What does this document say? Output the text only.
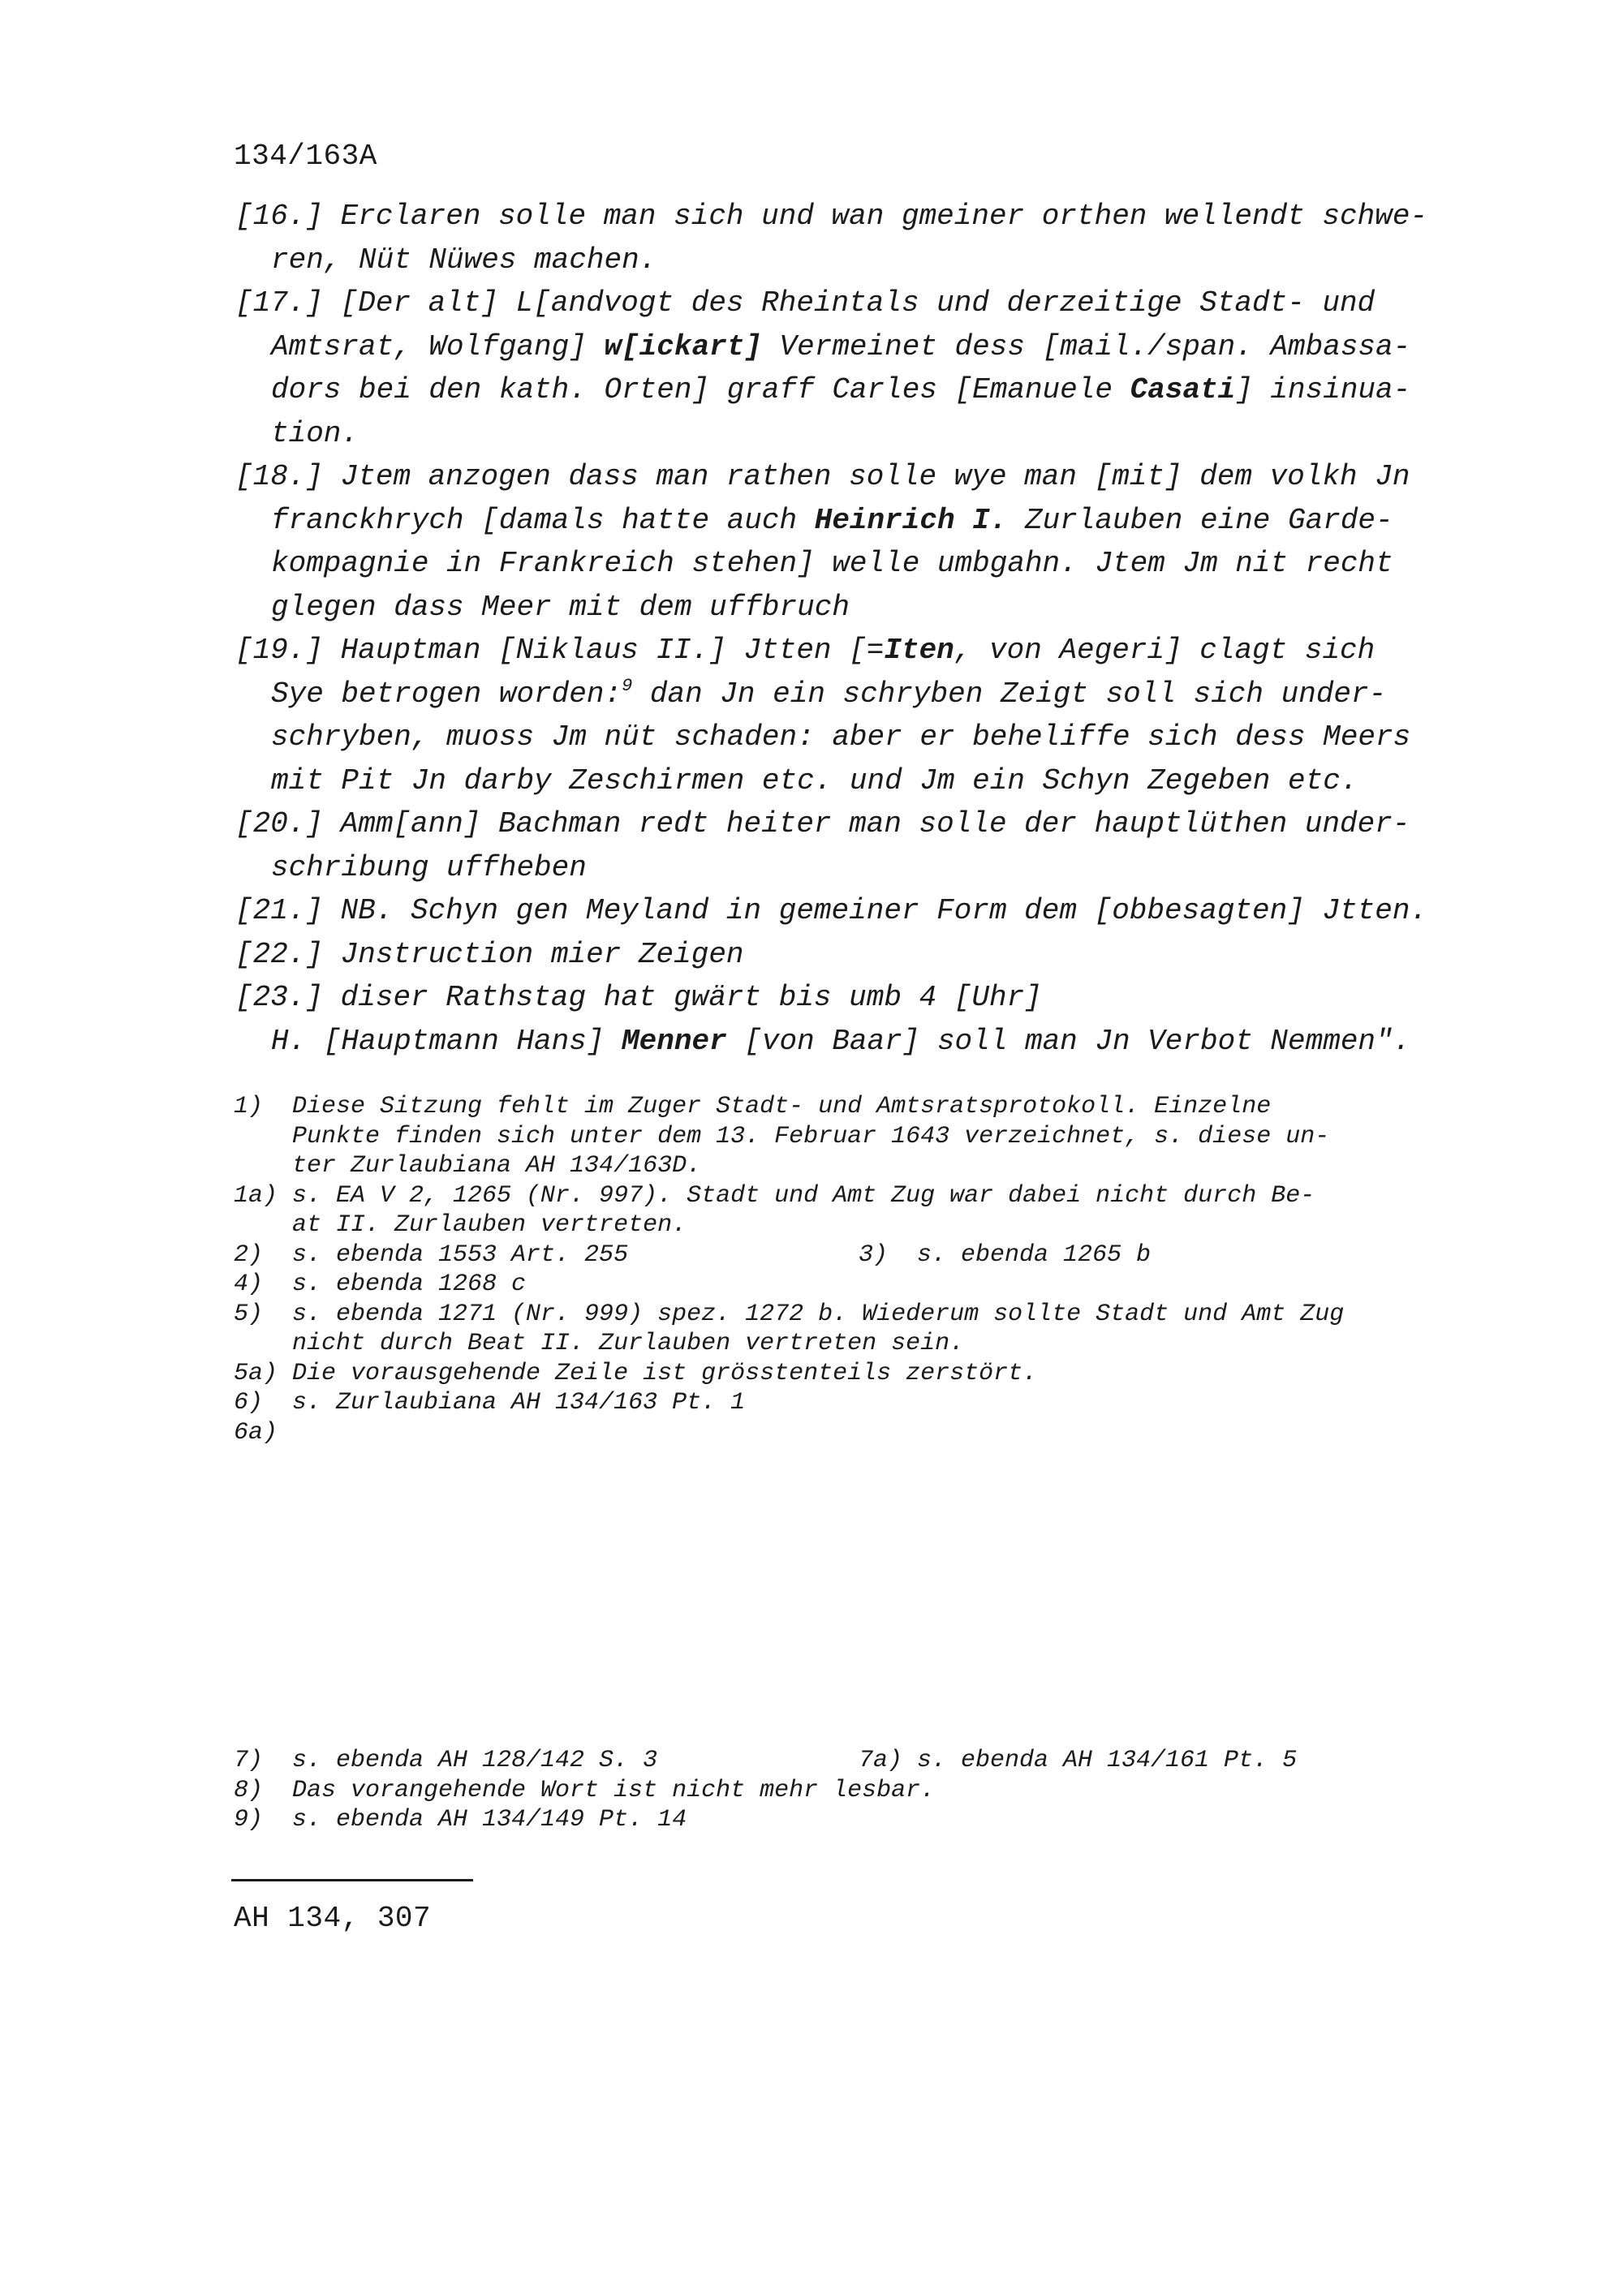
134/163A

[16.] Erclaren solle man sich und wan gmeiner orthen wellendt schwe-
ren, Nüt Nüwes machen.

[17.] [Der alt] L[andvogt des Rheintals und derzeitige Stadt- und
Amtsrat, Wolfgang] w[ickart] Vermeinet dess [mail./span. Ambassa-
dors bei den kath. Orten] graff Carles [Emanuele Casati] insinua-
tion.

[18.] Jtem anzogen dass man rathen solle wye man [mit] dem volkh Jn
franckhrych [damals hatte auch Heinrich I. Zurlauben eine Garde-
kompagnie in Frankreich stehen] welle umbgahn. Jtem Jm nit recht
glegen dass Meer mit dem uffbruch

[19.] Hauptman [Niklaus II.] Jtten [=Iten, von Aegeri] clagt sich
Sye betrogen worden:$^9$ dan Jn ein schryben Zeigt soll sich under-
schryben, muoss Jm nüt schaden: aber er beheliffe sich dess Meers
mit Pit Jn darby Zeschirmen etc. und Jm ein Schyn Zegeben etc.

[20.] Amm[ann] Bachman redt heiter man solle der hauptlüthen under-
schribung uffheben

[21.] NB. Schyn gen Meyland in gemeiner Form dem [obbesagten] Jtten.

[22.] Jnstruction mier Zeigen

[23.] diser Rathstag hat gwärt bis umb 4 [Uhr]
H. [Hauptmann Hans] Menner [von Baar] soll man Jn Verbot Nemmen".

1) Diese Sitzung fehlt im Zuger Stadt- und Amtsratsprotokoll. Einzelne
Punkte finden sich unter dem 13. Februar 1643 verzeichnet, s. diese un-
ter Zurlaubiana AH 134/163D.
1a) s. EA V 2, 1265 (Nr. 997). Stadt und Amt Zug war dabei nicht durch Be-
at II. Zurlauben vertreten.
2) s. ebenda 1553 Art. 255	3) s. ebenda 1265 b
4) s. ebenda 1268 c
5) s. ebenda 1271 (Nr. 999) spez. 1272 b. Wiederum sollte Stadt und Amt Zug
nicht durch Beat II. Zurlauben vertreten sein.
5a) Die vorausgehende Zeile ist grösstenteils zerstört.
6) s. Zurlaubiana AH 134/163 Pt. 1
6a)
7) s. ebenda AH 128/142 S. 3	7a) s. ebenda AH 134/161 Pt. 5
8) Das vorangehende Wort ist nicht mehr lesbar.
9) s. ebenda AH 134/149 Pt. 14
AH 134, 307
